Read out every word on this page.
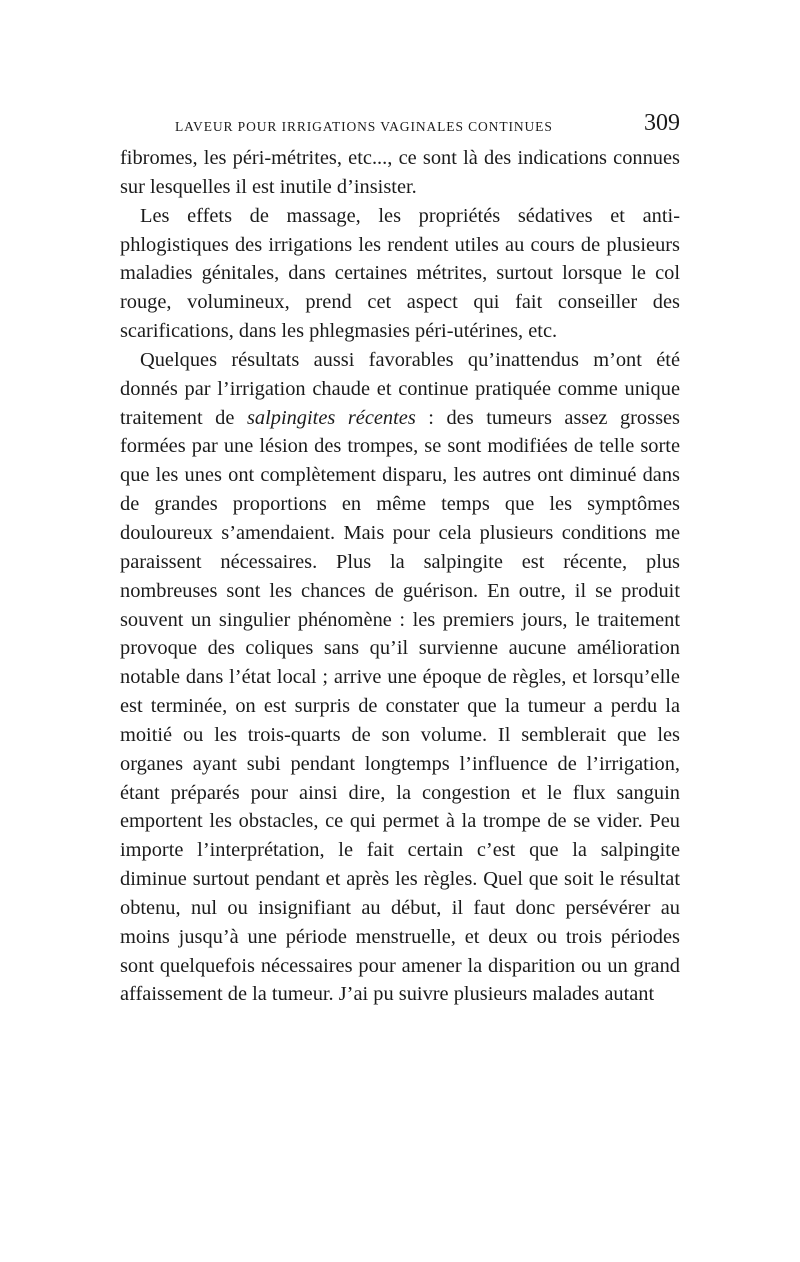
LAVEUR POUR IRRIGATIONS VAGINALES CONTINUES	309

fibromes, les péri-métrites, etc..., ce sont là des indications connues sur lesquelles il est inutile d’insister.

Les effets de massage, les propriétés sédatives et anti-phlogistiques des irrigations les rendent utiles au cours de plusieurs maladies génitales, dans certaines métrites, surtout lorsque le col rouge, volumineux, prend cet aspect qui fait conseiller des scarifications, dans les phlegmasies péri-utérines, etc.

Quelques résultats aussi favorables qu’inattendus m’ont été donnés par l’irrigation chaude et continue pratiquée comme unique traitement de salpingites récentes : des tumeurs assez grosses formées par une lésion des trompes, se sont modifiées de telle sorte que les unes ont complètement disparu, les autres ont diminué dans de grandes proportions en même temps que les symptômes douloureux s’amendaient. Mais pour cela plusieurs conditions me paraissent nécessaires. Plus la salpingite est récente, plus nombreuses sont les chances de guérison. En outre, il se produit souvent un singulier phénomène : les premiers jours, le traitement provoque des coliques sans qu’il survienne aucune amélioration notable dans l’état local ; arrive une époque de règles, et lorsqu’elle est terminée, on est surpris de constater que la tumeur a perdu la moitié ou les trois-quarts de son volume. Il semblerait que les organes ayant subi pendant longtemps l’influence de l’irrigation, étant préparés pour ainsi dire, la congestion et le flux sanguin emportent les obstacles, ce qui permet à la trompe de se vider. Peu importe l’interprétation, le fait certain c’est que la salpingite diminue surtout pendant et après les règles. Quel que soit le résultat obtenu, nul ou insignifiant au début, il faut donc persévérer au moins jusqu’à une période menstruelle, et deux ou trois périodes sont quelquefois nécessaires pour amener la disparition ou un grand affaissement de la tumeur. J’ai pu suivre plusieurs malades autant
